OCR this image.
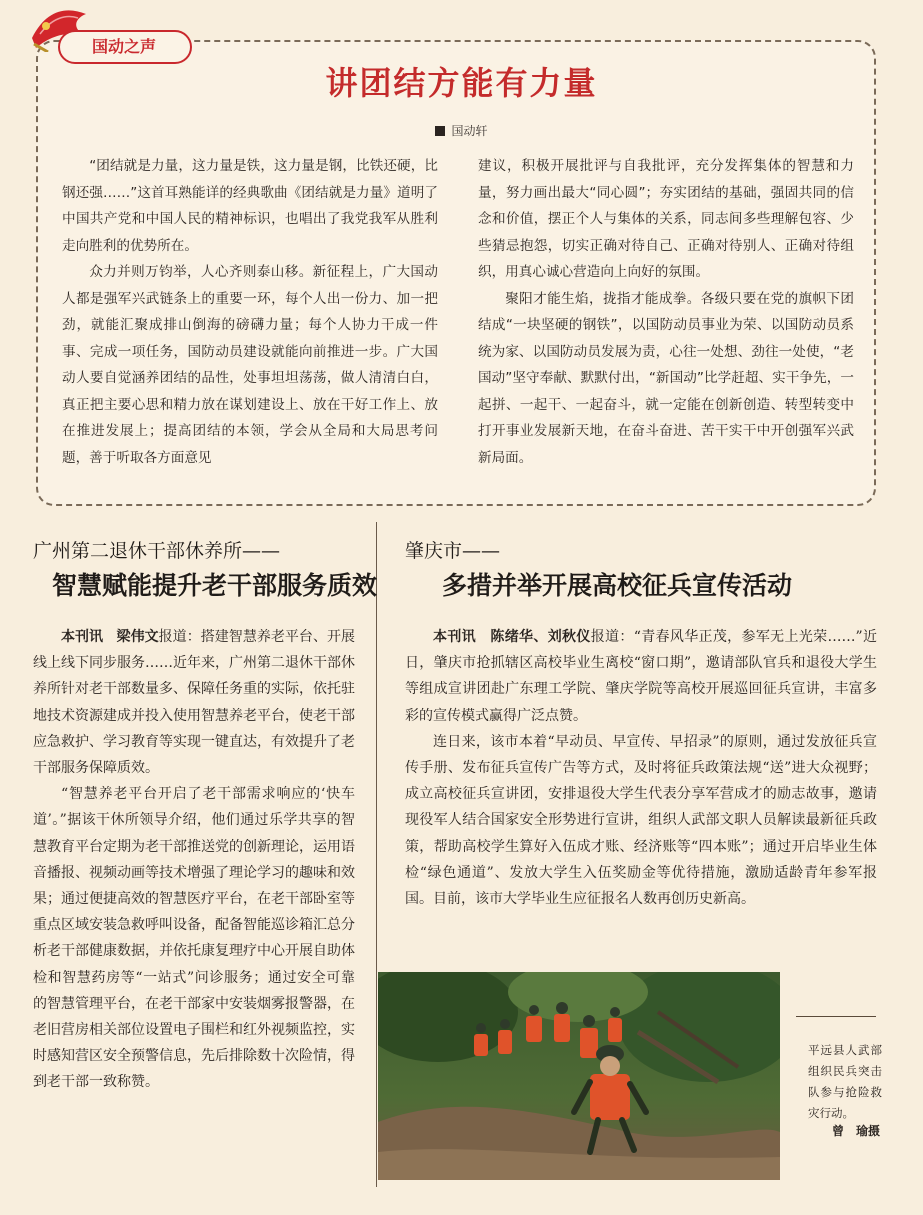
国动之声
讲团结方能有力量
国动轩

“团结就是力量，这力量是铁，这力量是钢，比铁还硬，比钢还强……”这首耳熟能详的经典歌曲《团结就是力量》道明了中国共产党和中国人民的精神标识，也唱出了我党我军从胜利走向胜利的优势所在。

众力并则万钧举，人心齐则泰山移。新征程上，广大国动人都是强军兴武链条上的重要一环，每个人出一份力、加一把劲，就能汇聚成排山倒海的磅礴力量；每个人协力干成一件事、完成一项任务，国防动员建设就能向前推进一步。广大国动人要自觉涵养团结的品性，处事坦坦荡荡，做人清清白白，真正把主要心思和精力放在谋划建设上、放在干好工作上、放在推进发展上；提高团结的本领，学会从全局和大局思考问题，善于听取各方面意见

建议，积极开展批评与自我批评，充分发挥集体的智慧和力量，努力画出最大“同心圆”；夯实团结的基础，强固共同的信念和价值，摆正个人与集体的关系，同志间多些理解包容、少些猜忌抱怨，切实正确对待自己、正确对待别人、正确对待组织，用真心诚心营造向上向好的氛围。

聚阳才能生焰，拢指才能成拳。各级只要在党的旗帜下团结成“一块坚硬的钢铁”，以国防动员事业为荣、以国防动员系统为家、以国防动员发展为责，心往一处想、劲往一处使，“老国动”坚守奉献、默默付出，“新国动”比学赶超、实干争先，一起拼、一起干、一起奋斗，就一定能在创新创造、转型转变中打开事业发展新天地，在奋斗奋进、苦干实干中开创强军兴武新局面。

广州第二退休干部休养所——
智慧赋能提升老干部服务质效

本刊讯 梁伟文报道：搭建智慧养老平台、开展线上线下同步服务……近年来，广州第二退休干部休养所针对老干部数量多、保障任务重的实际，依托驻地技术资源建成并投入使用智慧养老平台，使老干部应急救护、学习教育等实现一键直达，有效提升了老干部服务保障质效。

“智慧养老平台开启了老干部需求响应的‘快车道’。”据该干休所领导介绍，他们通过乐学共享的智慧教育平台定期为老干部推送党的创新理论，运用语音播报、视频动画等技术增强了理论学习的趣味和效果；通过便捷高效的智慧医疗平台，在老干部卧室等重点区域安装急救呼叫设备，配备智能巡诊箱汇总分析老干部健康数据，并依托康复理疗中心开展自助体检和智慧药房等“一站式”问诊服务；通过安全可靠的智慧管理平台，在老干部家中安装烟雾报警器，在老旧营房相关部位设置电子围栏和红外视频监控，实时感知营区安全预警信息，先后排除数十次险情，得到老干部一致称赞。

肇庆市——
多措并举开展高校征兵宣传活动

本刊讯 陈绪华、刘秋仪报道：“青春风华正茂，参军无上光荣……”近日，肇庆市抢抓辖区高校毕业生离校“窗口期”，邀请部队官兵和退役大学生等组成宣讲团赴广东理工学院、肇庆学院等高校开展巡回征兵宣讲，丰富多彩的宣传模式赢得广泛点赞。

连日来，该市本着“早动员、早宣传、早招录”的原则，通过发放征兵宣传手册、发布征兵宣传广告等方式，及时将征兵政策法规“送”进大众视野；成立高校征兵宣讲团，安排退役大学生代表分享军营成才的励志故事，邀请现役军人结合国家安全形势进行宣讲，组织人武部文职人员解读最新征兵政策，帮助高校学生算好入伍成才账、经济账等“四本账”；通过开启毕业生体检“绿色通道”、发放大学生入伍奖励金等优待措施，激励适龄青年参军报国。目前，该市大学毕业生应征报名人数再创历史新高。

平远县人武部组织民兵突击队参与抢险救灾行动。
曾　瑜摄
